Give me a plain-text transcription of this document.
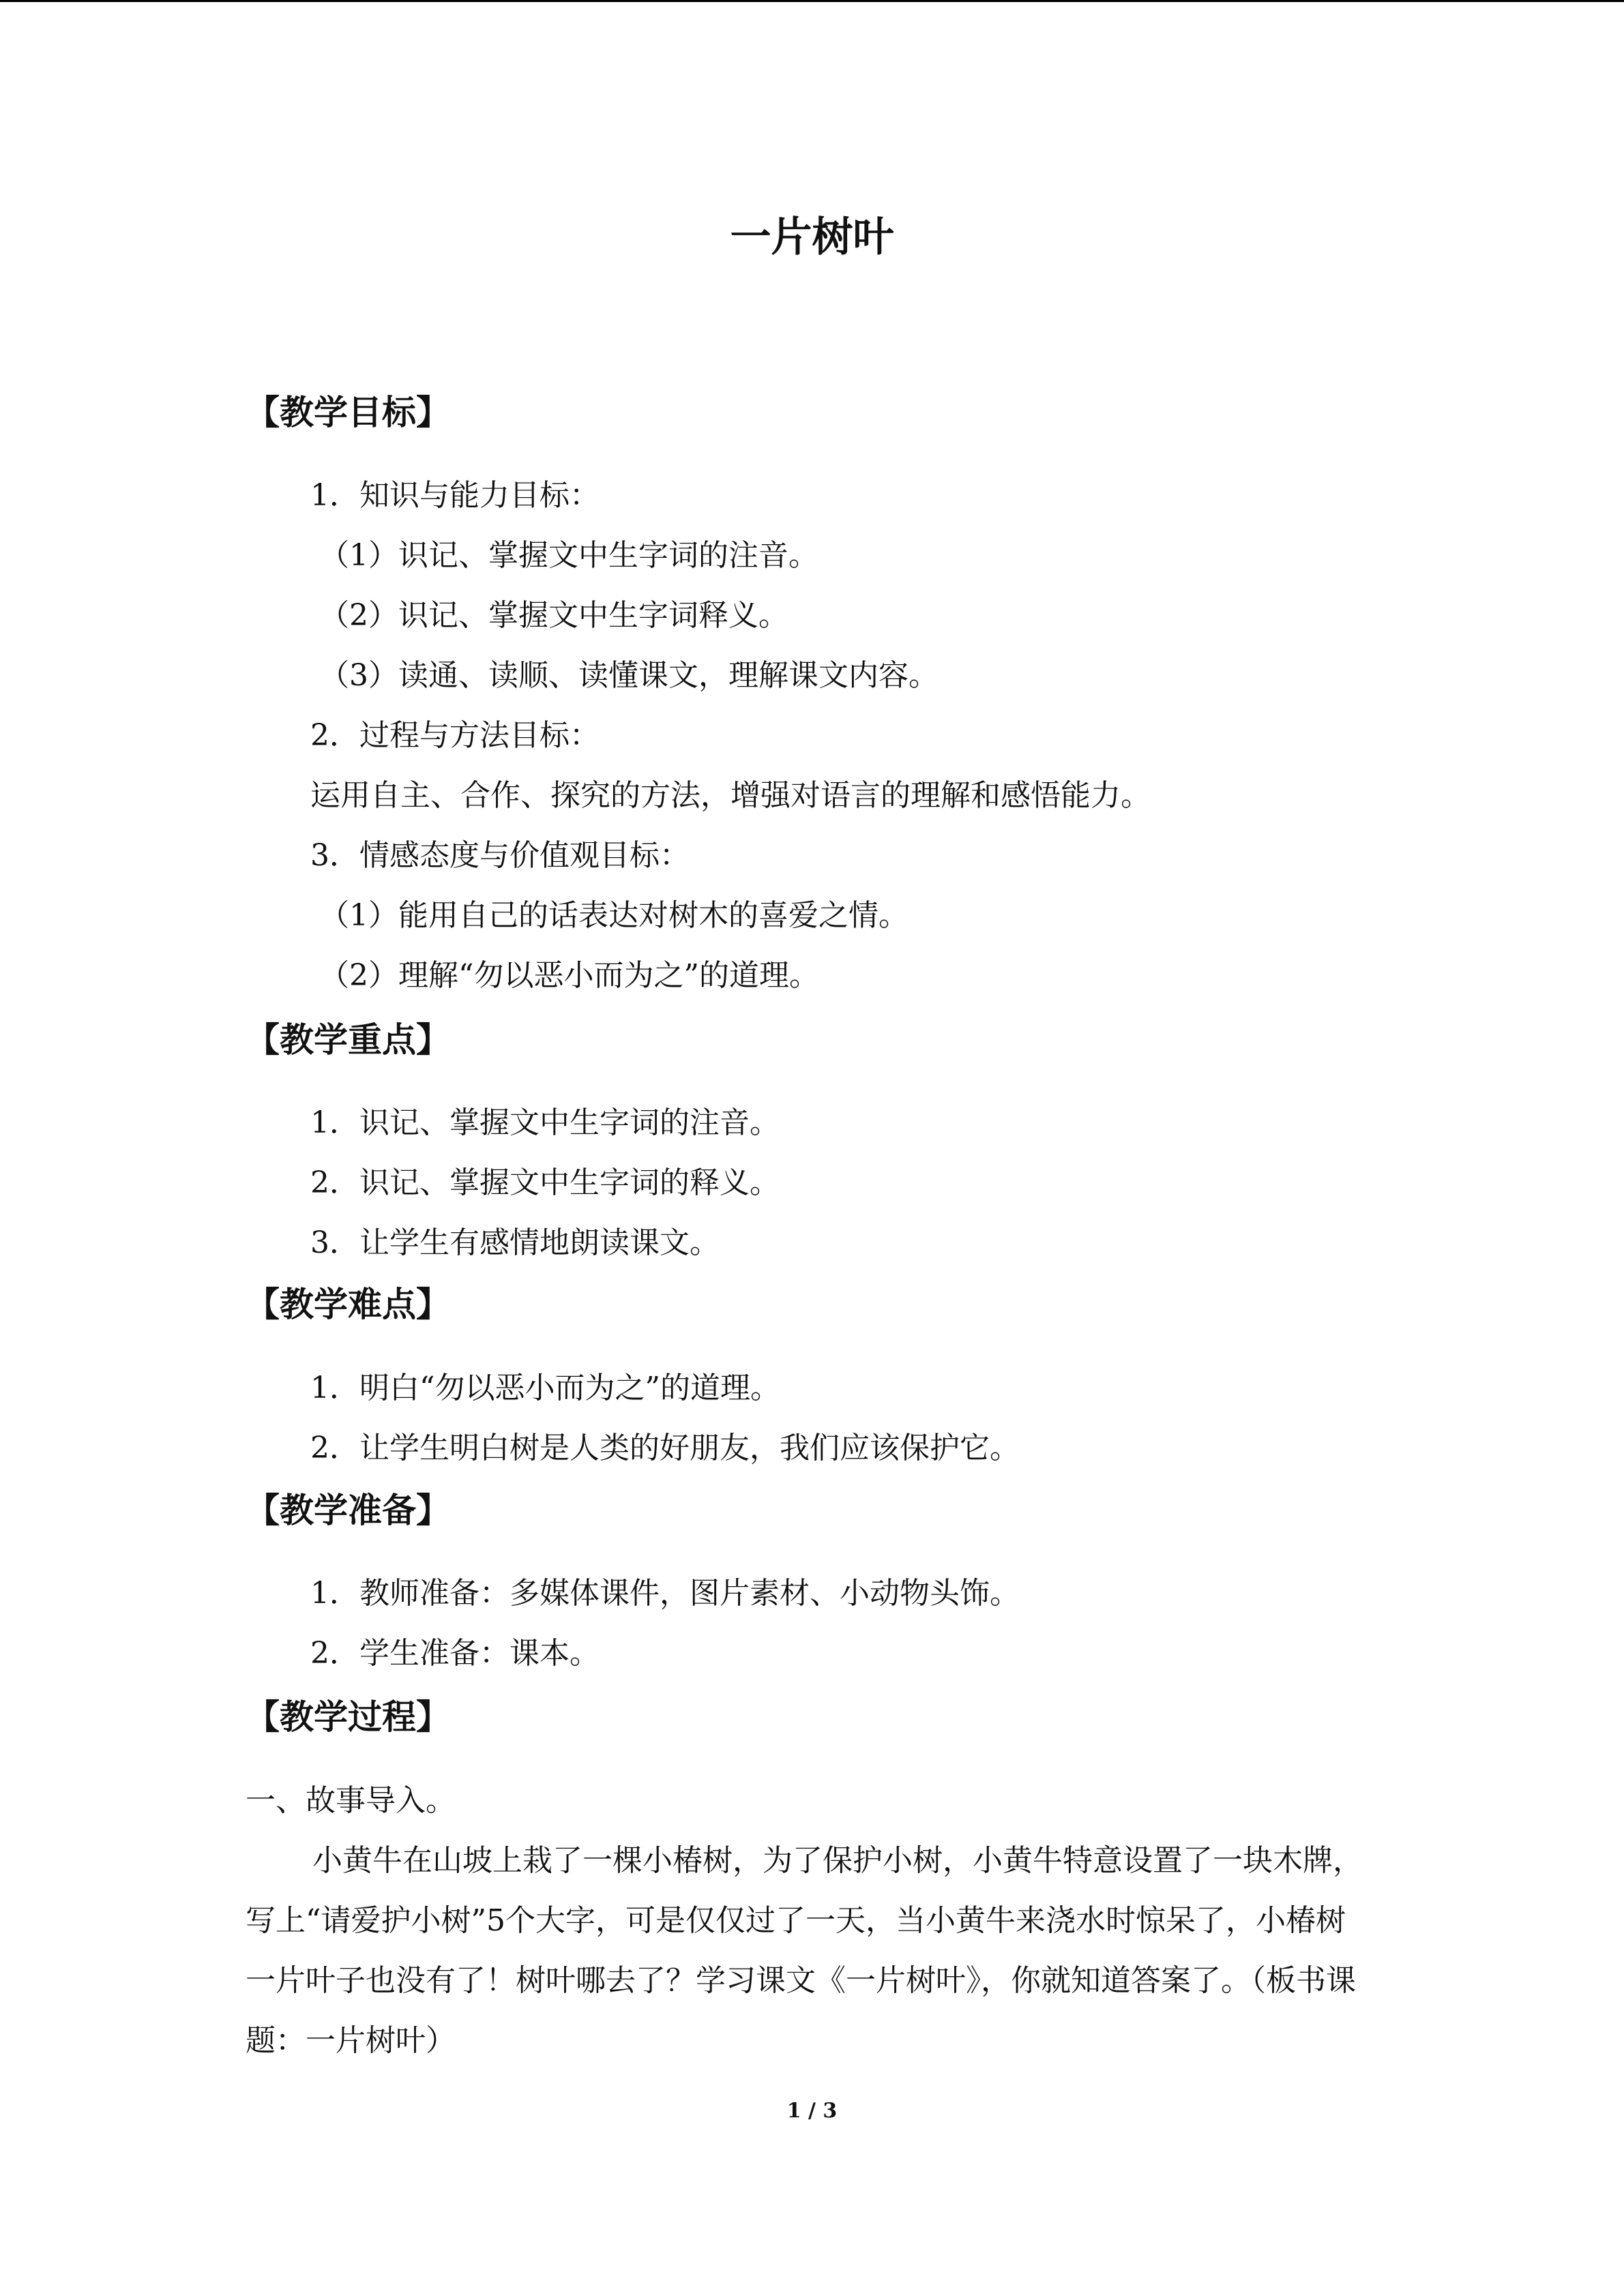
一片树叶
【教学目标】
1．知识与能力目标：
（1）识记、掌握文中生字词的注音。
（2）识记、掌握文中生字词释义。
（3）读通、读顺、读懂课文，理解课文内容。
2．过程与方法目标：
运用自主、合作、探究的方法，增强对语言的理解和感悟能力。
3．情感态度与价值观目标：
（1）能用自己的话表达对树木的喜爱之情。
（2）理解“勿以恶小而为之”的道理。
【教学重点】
1．识记、掌握文中生字词的注音。
2．识记、掌握文中生字词的释义。
3．让学生有感情地朗读课文。
【教学难点】
1．明白“勿以恶小而为之”的道理。
2．让学生明白树是人类的好朋友，我们应该保护它。
【教学准备】
1．教师准备：多媒体课件，图片素材、小动物头饰。
2．学生准备：课本。
【教学过程】
一、故事导入。
小黄牛在山坡上栽了一棵小椿树，为了保护小树，小黄牛特意设置了一块木牌，写上“请爱护小树”5个大字，可是仅仅过了一天，当小黄牛来浇水时惊呆了，小椿树一片叶子也没有了！树叶哪去了？学习课文《一片树叶》，你就知道答案了。（板书课题：一片树叶）
1 / 3
